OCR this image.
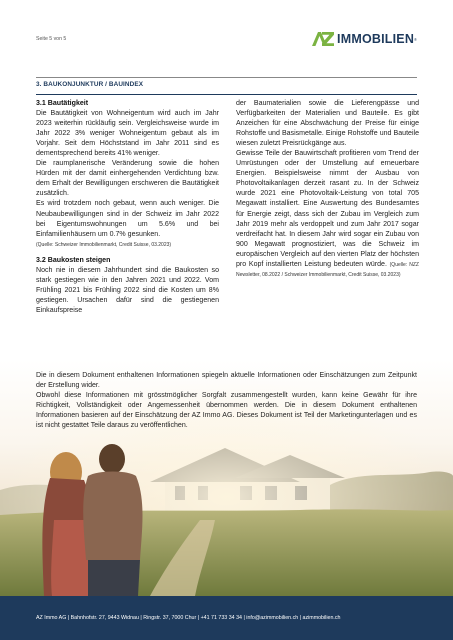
Seite 5 von 5	IMMOBILIEN ®
3. BAUKONJUNKTUR / BAUINDEX
3.1 Bautätigkeit

Die Bautätigkeit von Wohneigentum wird auch im Jahr 2023 weiterhin rückläufig sein. Vergleichsweise wurde im Jahr 2022 3% weniger Wohneigentum gebaut als im Vorjahr. Seit dem Höchststand im Jahr 2011 sind es dementsprechend bereits 41% weniger.

Die raumplanerische Veränderung sowie die hohen Hürden mit der damit einhergehenden Verdichtung bzw. dem Erhalt der Bewilligungen erschweren die Bautätigkeit zusätzlich.

Es wird trotzdem noch gebaut, wenn auch weniger. Die Neubaubewilligungen sind in der Schweiz im Jahr 2022 bei Eigentumswohnungen um 5.6% und bei Einfamilienhäusern um 0.7% gesunken.

(Quelle: Schweizer Immobilienmarkt, Credit Suisse, 03.2023)
3.2 Baukosten steigen

Noch nie in diesem Jahrhundert sind die Baukosten so stark gestiegen wie in den Jahren 2021 und 2022. Vom Frühling 2021 bis Frühling 2022 sind die Kosten um 8% gestiegen. Ursachen dafür sind die gestiegenen Einkaufspreise

der Baumaterialien sowie die Lieferengpässe und Verfügbarkeiten der Materialien und Bauteile. Es gibt Anzeichen für eine Abschwächung der Preise für einige Rohstoffe und Basismetalle. Einige Rohstoffe und Bauteile wiesen zuletzt Preisrückgänge aus.

Gewisse Teile der Bauwirtschaft profitieren vom Trend der Umrüstungen oder der Umstellung auf erneuerbare Energien. Beispielsweise nimmt der Ausbau von Photovoltaikanlagen derzeit rasant zu. In der Schweiz wurde 2021 eine Photovoltaik-Leistung von total 705 Megawatt installiert. Eine Auswertung des Bundesamtes für Energie zeigt, dass sich der Zubau im Vergleich zum Jahr 2019 mehr als verdoppelt und zum Jahr 2017 sogar verdreifacht hat. In diesem Jahr wird sogar ein Zubau von 900 Megawatt prognostiziert, was die Schweiz im europäischen Vergleich auf den vierten Platz der höchsten pro Kopf installierten Leistung bedeuten würde. (Quelle: NZZ Newsletter, 08.2022 / Schweizer Immobilienmarkt, Credit Suisse, 03.2023)

Die in diesem Dokument enthaltenen Informationen spiegeln aktuelle Informationen oder Einschätzungen zum Zeitpunkt der Erstellung wider.

Obwohl diese Informationen mit grösstmöglicher Sorgfalt zusammengestellt wurden, kann keine Gewähr für ihre Richtigkeit, Vollständigkeit oder Angemessenheit übernommen werden. Die in diesem Dokument enthaltenen Informationen basieren auf der Einschätzung der AZ Immo AG. Dieses Dokument ist Teil der Marketingunterlagen und es ist nicht gestattet Teile daraus zu veröffentlichen.

AZ Immo AG | Bahnhofstr. 27, 9443 Widnau | Ringstr. 37, 7000 Chur | +41 71 733 34 34 | info@azimmobilien.ch | azimmobilien.ch
